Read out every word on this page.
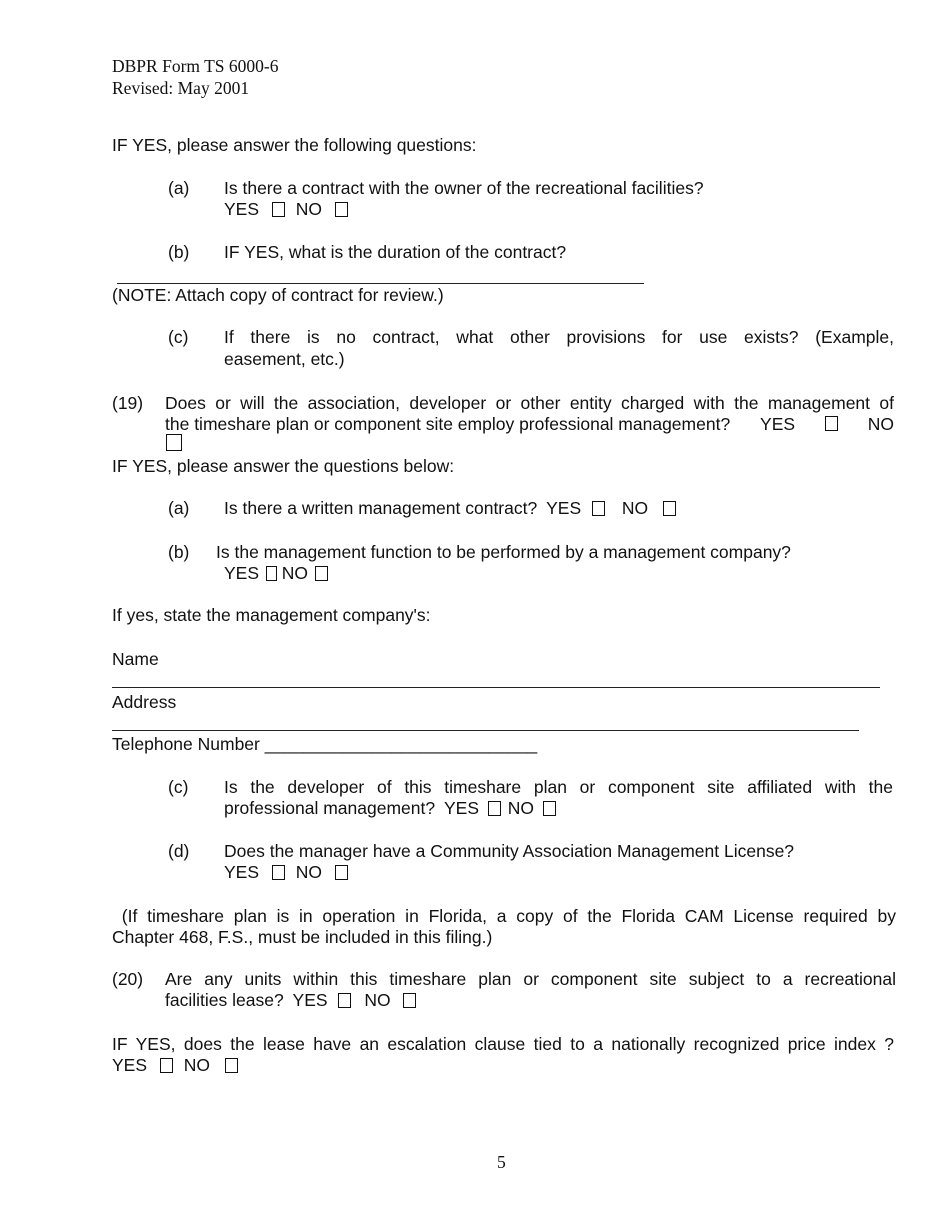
DBPR Form TS 6000-6
Revised: May 2001
IF YES, please answer the following questions:
(a) Is there a contract with the owner of the recreational facilities?
YES NO
(b) IF YES, what is the duration of the contract?
(NOTE: Attach copy of contract for review.)
(c) If there is no contract, what other provisions for use exists? (Example,
easement, etc.)
(19) Does or will the association, developer or other entity charged with the management of
the timeshare plan or component site employ professional management? YES	NO
IF YES, please answer the questions below:
(a) Is there a written management contract? YES NO
(b) Is the management function to be performed by a management company?
YES NO
If yes, state the management company's:
Name
Address
Telephone Number ____________________________
(c) Is the developer of this timeshare plan or component site affiliated with the
professional management? YES NO
(d) Does the manager have a Community Association Management License?
YES NO
(If timeshare plan is in operation in Florida, a copy of the Florida CAM License required by
Chapter 468, F.S., must be included in this filing.)
(20) Are any units within this timeshare plan or component site subject to a recreational
facilities lease? YES NO
IF YES, does the lease have an escalation clause tied to a nationally recognized price index ?
YES NO
5
